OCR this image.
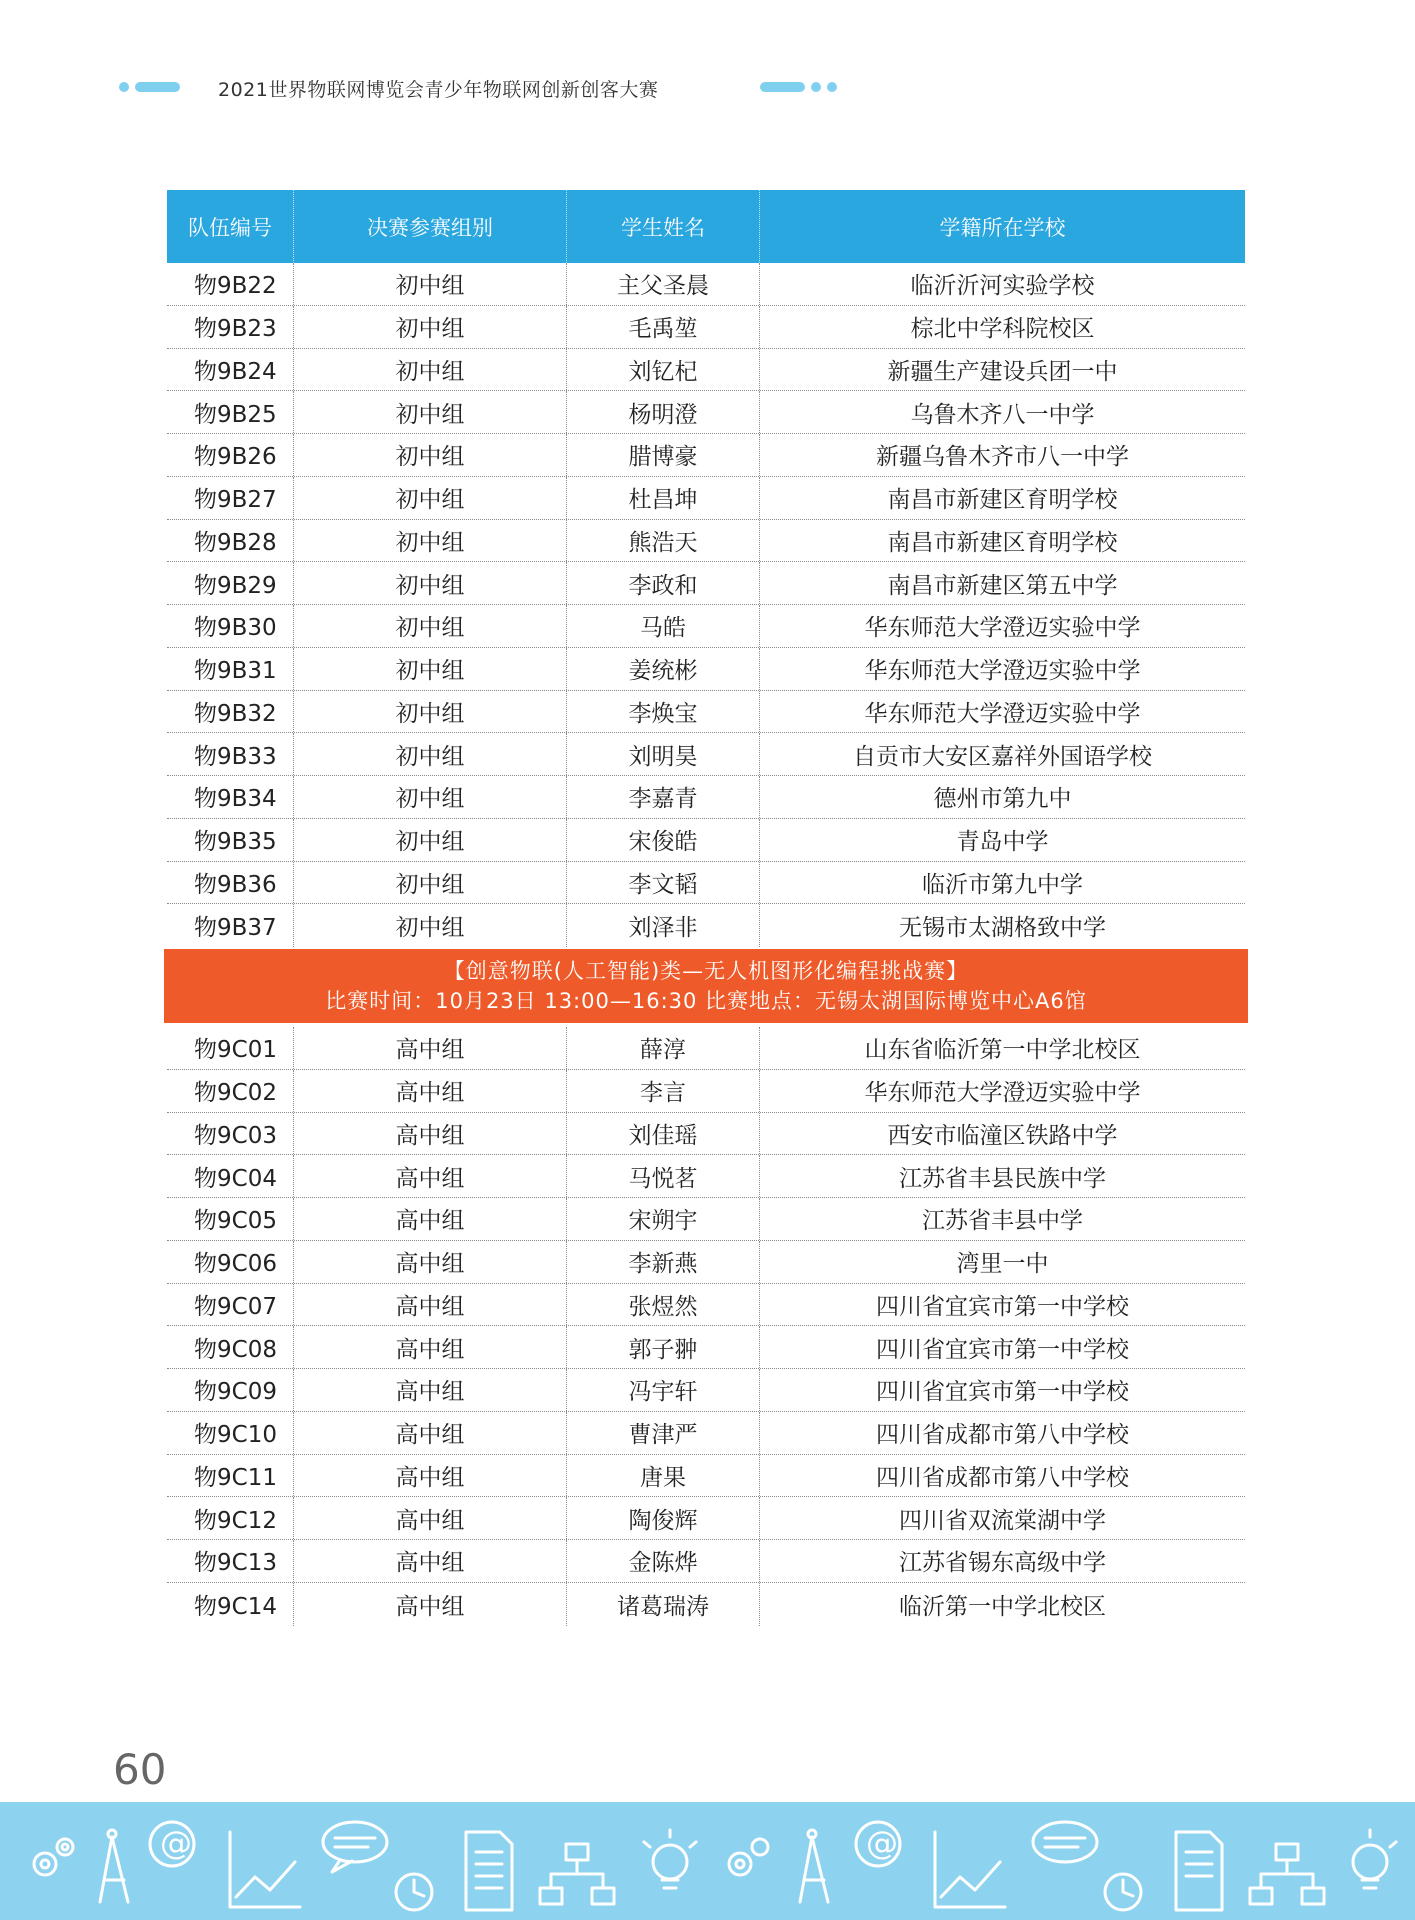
2021世界物联网博览会青少年物联网创新创客大赛
队伍编号	决赛参赛组别	学生姓名	学籍所在学校
物9B22	初中组	主父圣晨	临沂沂河实验学校
物9B23	初中组	毛禹堃	棕北中学科院校区
物9B24	初中组	刘钇杞	新疆生产建设兵团一中
物9B25	初中组	杨明澄	乌鲁木齐八一中学
物9B26	初中组	腊博豪	新疆乌鲁木齐市八一中学
物9B27	初中组	杜昌坤	南昌市新建区育明学校
物9B28	初中组	熊浩天	南昌市新建区育明学校
物9B29	初中组	李政和	南昌市新建区第五中学
物9B30	初中组	马皓	华东师范大学澄迈实验中学
物9B31	初中组	姜统彬	华东师范大学澄迈实验中学
物9B32	初中组	李焕宝	华东师范大学澄迈实验中学
物9B33	初中组	刘明昊	自贡市大安区嘉祥外国语学校
物9B34	初中组	李嘉青	德州市第九中
物9B35	初中组	宋俊皓	青岛中学
物9B36	初中组	李文韬	临沂市第九中学
物9B37	初中组	刘泽非	无锡市太湖格致中学
【创意物联(人工智能)类—无人机图形化编程挑战赛】
比赛时间：10月23日 13:00—16:30 比赛地点：无锡太湖国际博览中心A6馆
物9C01	高中组	薛淳	山东省临沂第一中学北校区
物9C02	高中组	李言	华东师范大学澄迈实验中学
物9C03	高中组	刘佳瑶	西安市临潼区铁路中学
物9C04	高中组	马悦茗	江苏省丰县民族中学
物9C05	高中组	宋朔宇	江苏省丰县中学
物9C06	高中组	李新燕	湾里一中
物9C07	高中组	张煜然	四川省宜宾市第一中学校
物9C08	高中组	郭子翀	四川省宜宾市第一中学校
物9C09	高中组	冯宇轩	四川省宜宾市第一中学校
物9C10	高中组	曹津严	四川省成都市第八中学校
物9C11	高中组	唐果	四川省成都市第八中学校
物9C12	高中组	陶俊辉	四川省双流棠湖中学
物9C13	高中组	金陈烨	江苏省锡东高级中学
物9C14	高中组	诸葛瑞涛	临沂第一中学北校区
60
@	@
